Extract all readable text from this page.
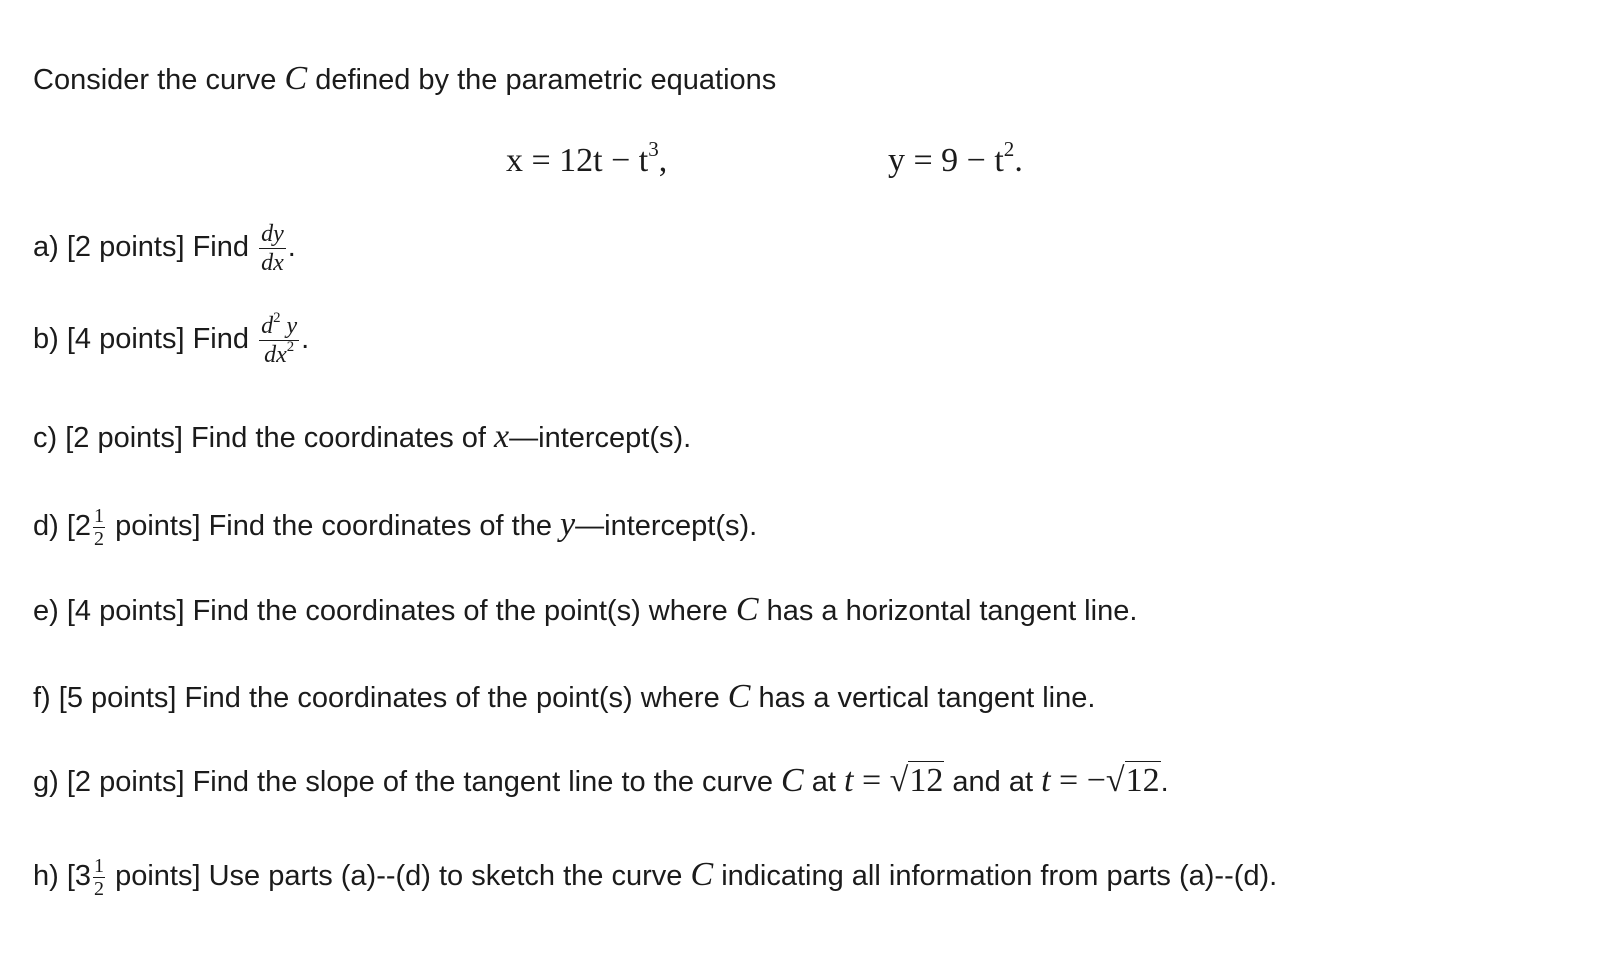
Consider the curve C defined by the parametric equations
$x = 12t - t^3$,	$y = 9 - t^2$.
a) [2 points] Find $\frac{dy}{dx}$ .
b) [4 points] Find $\frac{d^2 y}{dx^2}$ .
c) [2 points] Find the coordinates of x—intercept(s).
d) [$2 \frac{1}{2}$ points] Find the coordinates of the y—intercept(s).
e) [4 points] Find the coordinates of the point(s) where C has a horizontal tangent line.
f) [5 points] Find the coordinates of the point(s) where C has a vertical tangent line.
g) [2 points] Find the slope of the tangent line to the curve C at t = √12 and at t = −√12.
h) [$3 \frac{1}{2}$ points] Use parts (a)--(d) to sketch the curve C indicating all information from parts (a)--(d).
